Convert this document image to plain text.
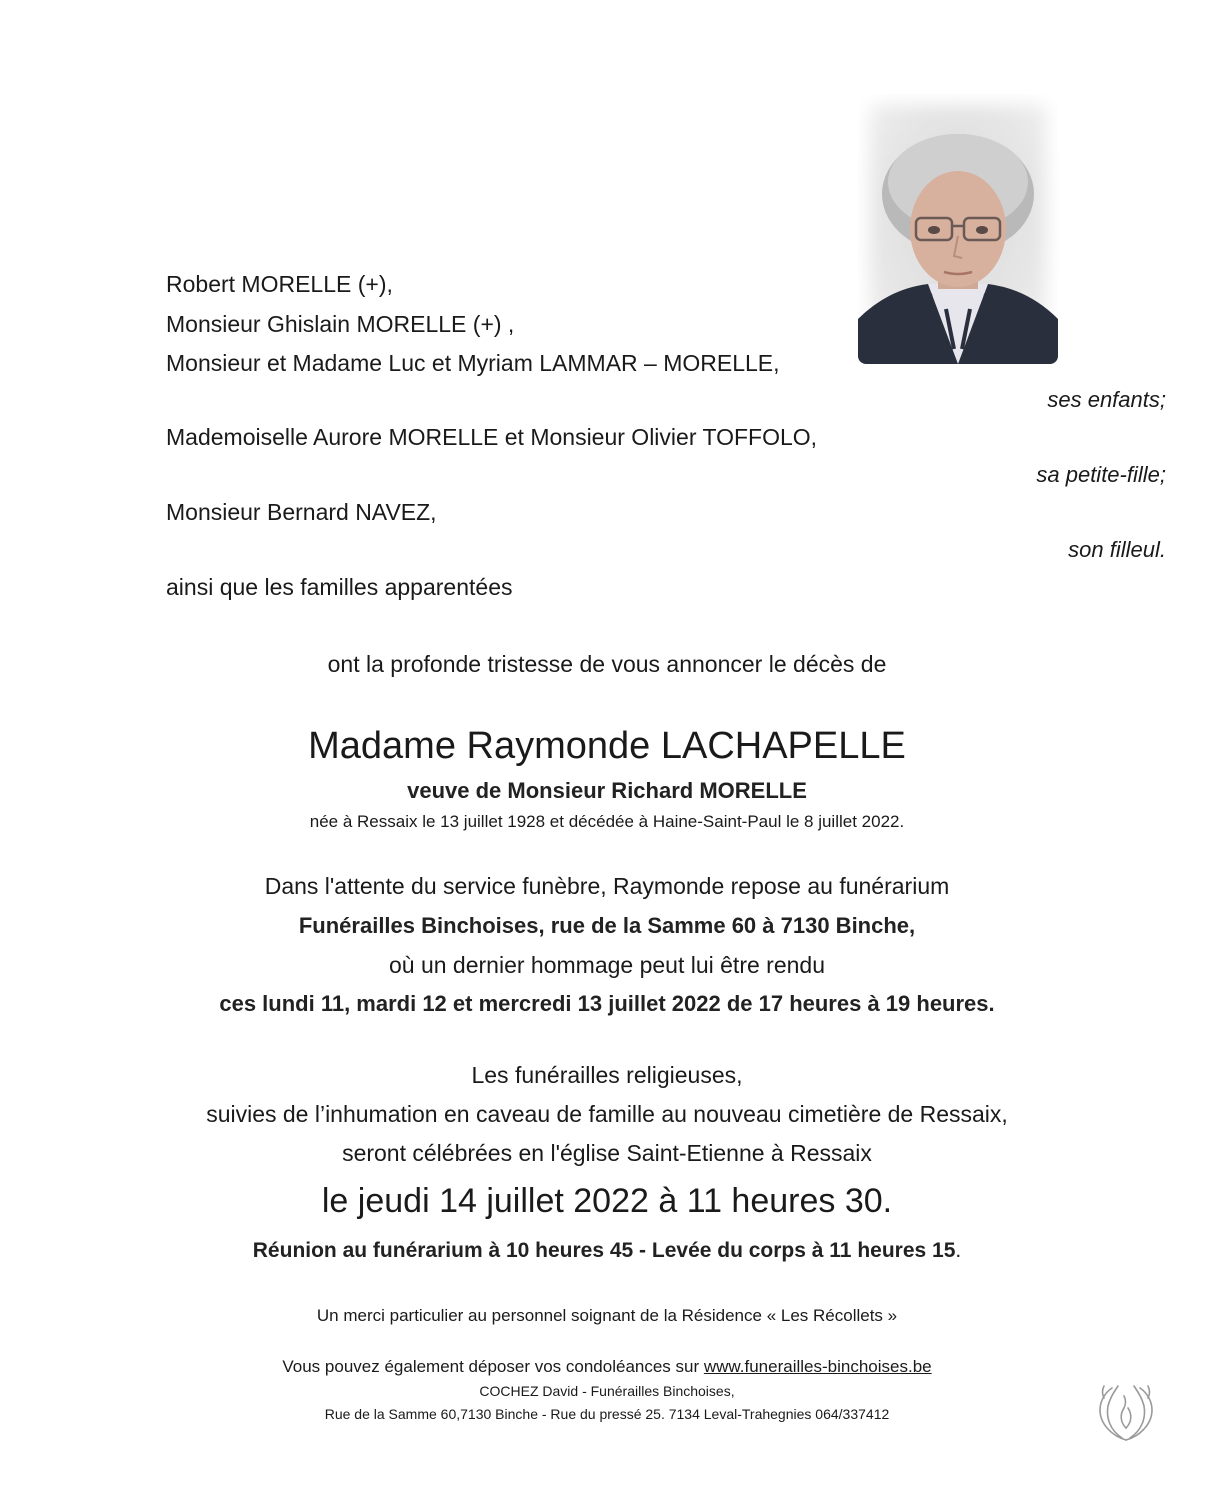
Robert MORELLE (+),
Monsieur Ghislain MORELLE (+) ,
Monsieur et Madame Luc et Myriam LAMMAR – MORELLE,
ses enfants;
Mademoiselle Aurore MORELLE et Monsieur Olivier TOFFOLO,
sa petite-fille;
Monsieur Bernard NAVEZ,
son filleul.
ainsi que les familles apparentées
ont la profonde tristesse de vous annoncer le décès de
Madame Raymonde LACHAPELLE
veuve de Monsieur Richard MORELLE
née à Ressaix le 13 juillet 1928 et décédée à Haine-Saint-Paul le 8 juillet 2022.
Dans l'attente du service funèbre, Raymonde repose au funérarium
Funérailles Binchoises, rue de la Samme 60 à 7130 Binche,
où un dernier hommage peut lui être rendu
ces lundi 11, mardi 12 et mercredi 13 juillet 2022 de 17 heures à 19 heures.
Les funérailles religieuses,
suivies de l’inhumation en caveau de famille au nouveau cimetière de Ressaix,
seront célébrées en l'église Saint-Etienne à Ressaix
le jeudi 14 juillet 2022 à 11 heures 30.
Réunion au funérarium à 10 heures 45 - Levée du corps à 11 heures 15.
Un merci particulier au personnel soignant de la Résidence « Les Récollets »
Vous pouvez également déposer vos condoléances sur www.funerailles-binchoises.be
COCHEZ David - Funérailles Binchoises,
Rue de la Samme 60,7130 Binche - Rue du pressé 25. 7134 Leval-Trahegnies 064/337412
